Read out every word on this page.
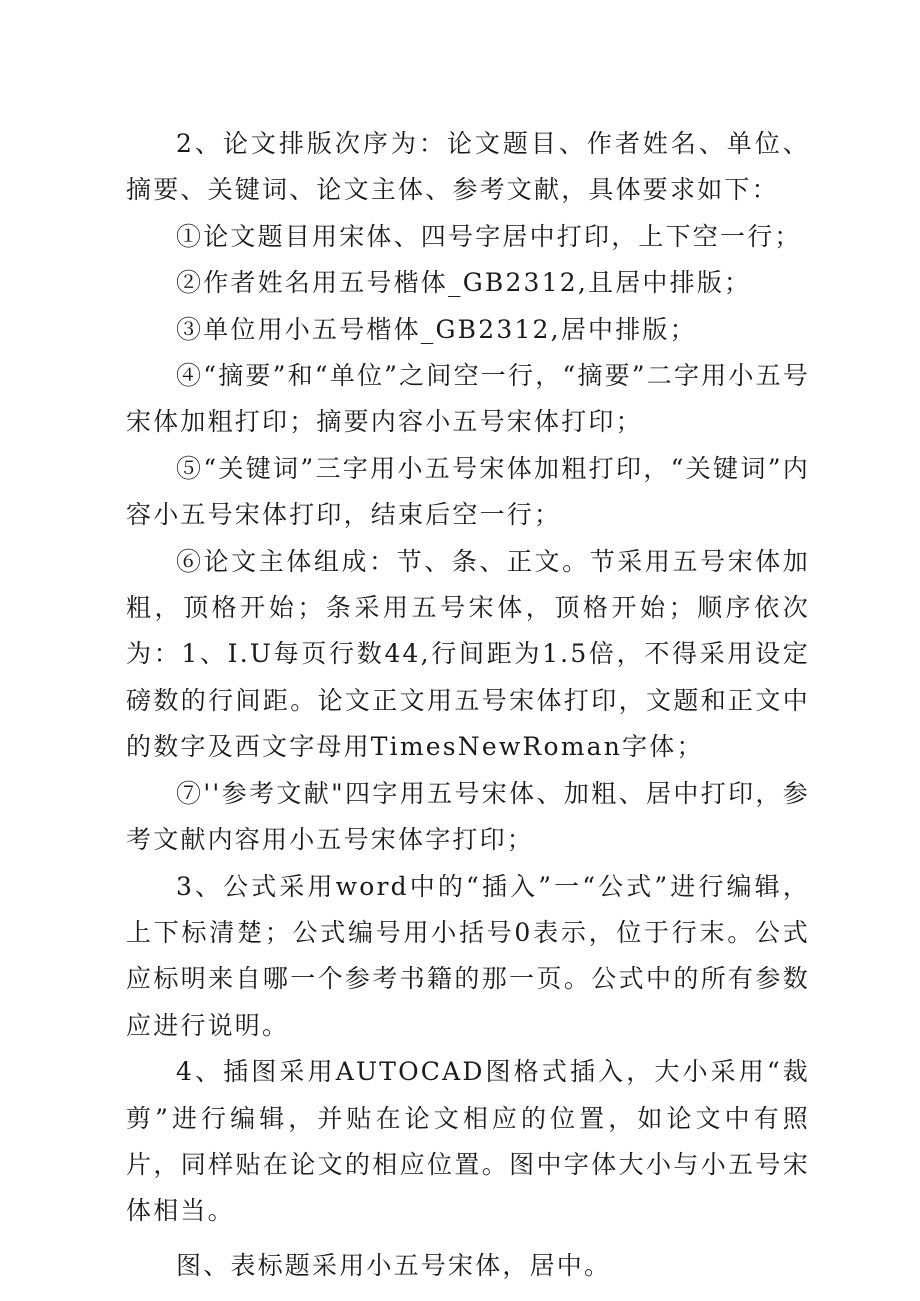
2、论文排版次序为：论文题目、作者姓名、单位、摘要、关键词、论文主体、参考文献，具体要求如下：

①论文题目用宋体、四号字居中打印，上下空一行；

②作者姓名用五号楷体_GB2312,且居中排版；

③单位用小五号楷体_GB2312,居中排版；

④“摘要”和“单位”之间空一行，“摘要”二字用小五号宋体加粗打印；摘要内容小五号宋体打印；

⑤“关键词”三字用小五号宋体加粗打印，“关键词”内容小五号宋体打印，结束后空一行；

⑥论文主体组成：节、条、正文。节采用五号宋体加粗，顶格开始；条采用五号宋体，顶格开始；顺序依次为：1、I.U每页行数44,行间距为1.5倍，不得采用设定磅数的行间距。论文正文用五号宋体打印，文题和正文中的数字及西文字母用TimesNewRoman字体；

⑦''参考文献"四字用五号宋体、加粗、居中打印，参考文献内容用小五号宋体字打印；

3、公式采用word中的“插入”一“公式”进行编辑，上下标清楚；公式编号用小括号0表示，位于行末。公式应标明来自哪一个参考书籍的那一页。公式中的所有参数应进行说明。

4、插图采用AUTOCAD图格式插入，大小采用“裁剪”进行编辑，并贴在论文相应的位置，如论文中有照片，同样贴在论文的相应位置。图中字体大小与小五号宋体相当。

图、表标题采用小五号宋体，居中。
